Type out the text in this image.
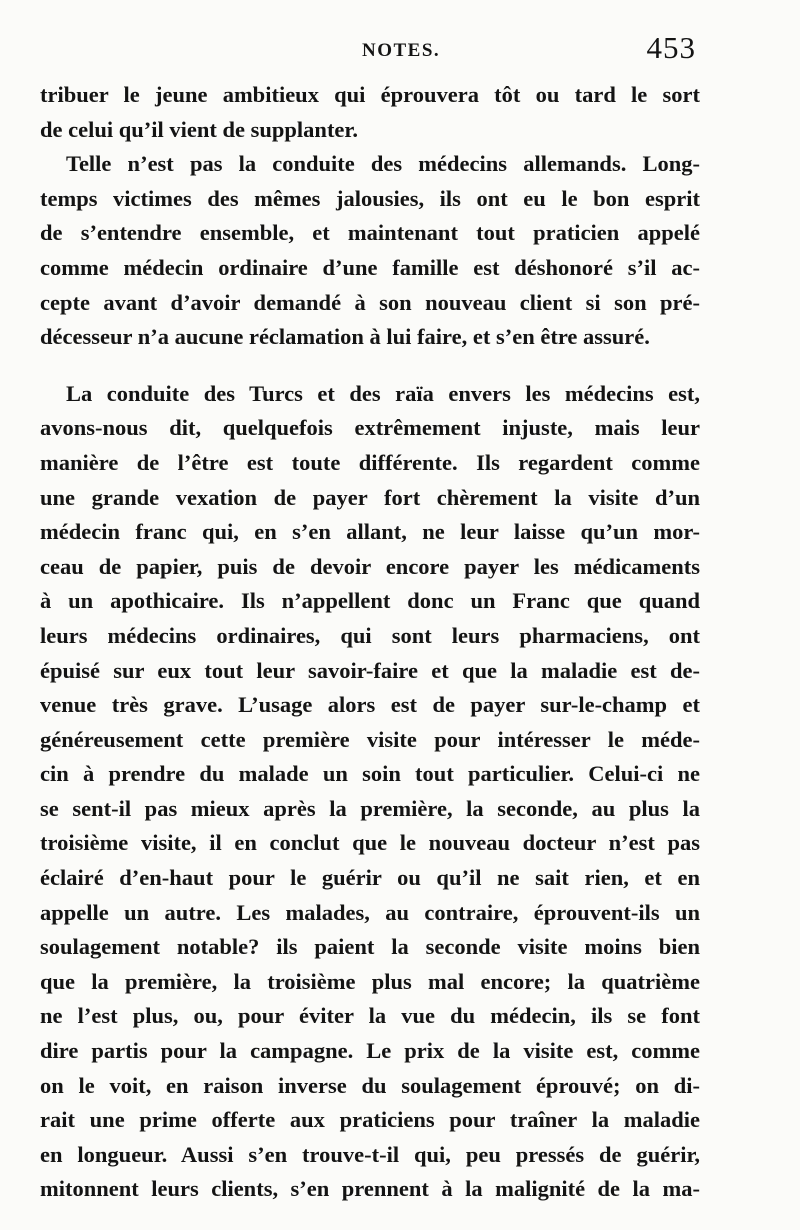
NOTES.	453
tribuer le jeune ambitieux qui éprouvera tôt ou tard le sort
de celui qu’il vient de supplanter.
Telle n’est pas la conduite des médecins allemands. Long-
temps victimes des mêmes jalousies, ils ont eu le bon esprit
de s’entendre ensemble, et maintenant tout praticien appelé
comme médecin ordinaire d’une famille est déshonoré s’il ac-
cepte avant d’avoir demandé à son nouveau client si son pré-
décesseur n’a aucune réclamation à lui faire, et s’en être assuré.
La conduite des Turcs et des raïa envers les médecins est,
avons-nous dit, quelquefois extrêmement injuste, mais leur
manière de l’être est toute différente. Ils regardent comme
une grande vexation de payer fort chèrement la visite d’un
médecin franc qui, en s’en allant, ne leur laisse qu’un mor-
ceau de papier, puis de devoir encore payer les médicaments
à un apothicaire. Ils n’appellent donc un Franc que quand
leurs médecins ordinaires, qui sont leurs pharmaciens, ont
épuisé sur eux tout leur savoir-faire et que la maladie est de-
venue très grave. L’usage alors est de payer sur-le-champ et
généreusement cette première visite pour intéresser le méde-
cin à prendre du malade un soin tout particulier. Celui-ci ne
se sent-il pas mieux après la première, la seconde, au plus la
troisième visite, il en conclut que le nouveau docteur n’est pas
éclairé d’en-haut pour le guérir ou qu’il ne sait rien, et en
appelle un autre. Les malades, au contraire, éprouvent-ils un
soulagement notable? ils paient la seconde visite moins bien
que la première, la troisième plus mal encore; la quatrième
ne l’est plus, ou, pour éviter la vue du médecin, ils se font
dire partis pour la campagne. Le prix de la visite est, comme
on le voit, en raison inverse du soulagement éprouvé; on di-
rait une prime offerte aux praticiens pour traîner la maladie
en longueur. Aussi s’en trouve-t-il qui, peu pressés de guérir,
mitonnent leurs clients, s’en prennent à la malignité de la ma-
